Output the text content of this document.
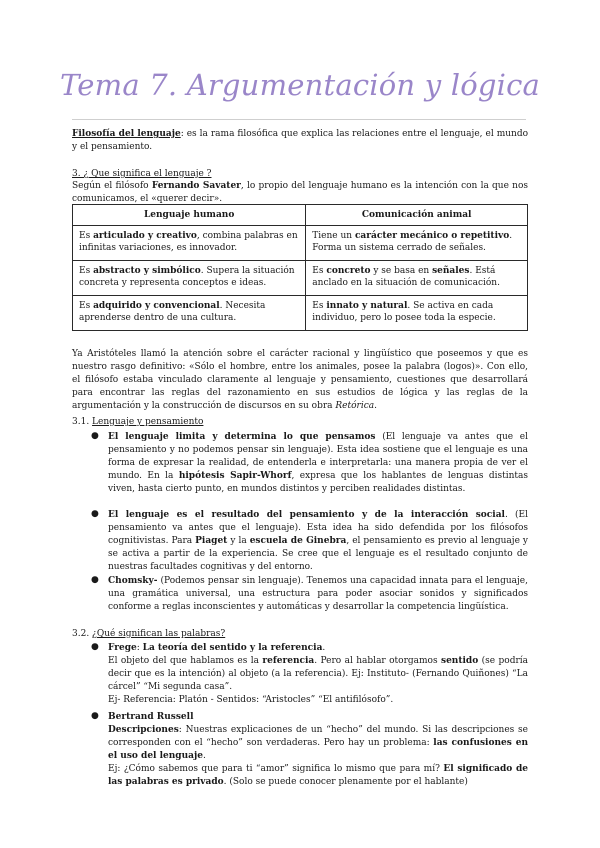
Tema 7. Argumentación y lógica
Filosofía del lenguaje: es la rama filosófica que explica las relaciones entre el lenguaje, el mundo y el pensamiento.
3. ¿ Que significa el lenguaje ?
Según el filósofo Fernando Savater, lo propio del lenguaje humano es la intención con la que nos comunicamos, el «querer decir».
Lenguaje humano	Comunicación animal
Es articulado y creativo, combina palabras en infinitas variaciones, es innovador.	Tiene un carácter mecánico o repetitivo. Forma un sistema cerrado de señales.
Es abstracto y simbólico. Supera la situación concreta y representa conceptos e ideas.	Es concreto y se basa en señales. Está anclado en la situación de comunicación.
Es adquirido y convencional. Necesita aprenderse dentro de una cultura.	Es innato y natural. Se activa en cada individuo, pero lo posee toda la especie.
Ya Aristóteles llamó la atención sobre el carácter racional y lingüístico que poseemos y que es nuestro rasgo definitivo: «Sólo el hombre, entre los animales, posee la palabra (logos)». Con ello, el filósofo estaba vinculado claramente al lenguaje y pensamiento, cuestiones que desarrollará para encontrar las reglas del razonamiento en sus estudios de lógica y las reglas de la argumentación y la construcción de discursos en su obra Retórica.
3.1. Lenguaje y pensamiento
● El lenguaje limita y determina lo que pensamos (El lenguaje va antes que el pensamiento y no podemos pensar sin lenguaje). Esta idea sostiene que el lenguaje es una forma de expresar la realidad, de entenderla e interpretarla: una manera propia de ver el mundo. En la hipótesis Sapir-Whorf, expresa que los hablantes de lenguas distintas viven, hasta cierto punto, en mundos distintos y perciben realidades distintas.
● El lenguaje es el resultado del pensamiento y de la interacción social. (El pensamiento va antes que el lenguaje). Esta idea ha sido defendida por los filósofos cognitivistas. Para Piaget y la escuela de Ginebra, el pensamiento es previo al lenguaje y se activa a partir de la experiencia. Se cree que el lenguaje es el resultado conjunto de nuestras facultades cognitivas y del entorno.
● Chomsky- (Podemos pensar sin lenguaje). Tenemos una capacidad innata para el lenguaje, una gramática universal, una estructura para poder asociar sonidos y significados conforme a reglas inconscientes y automáticas y desarrollar la competencia lingüística.
3.2. ¿Qué significan las palabras?
● Frege: La teoría del sentido y la referencia.
El objeto del que hablamos es la referencia. Pero al hablar otorgamos sentido (se podría decir que es la intención) al objeto (a la referencia). Ej: Instituto- (Fernando Quiñones) “La cárcel” “Mi segunda casa”.
Ej- Referencia: Platón - Sentidos: “Aristocles” “El antifilósofo”.
● Bertrand Russell
Descripciones: Nuestras explicaciones de un “hecho” del mundo. Si las descripciones se corresponden con el “hecho” son verdaderas. Pero hay un problema: las confusiones en el uso del lenguaje.
Ej: ¿Cómo sabemos que para ti “amor” significa lo mismo que para mí? El significado de las palabras es privado. (Solo se puede conocer plenamente por el hablante)
